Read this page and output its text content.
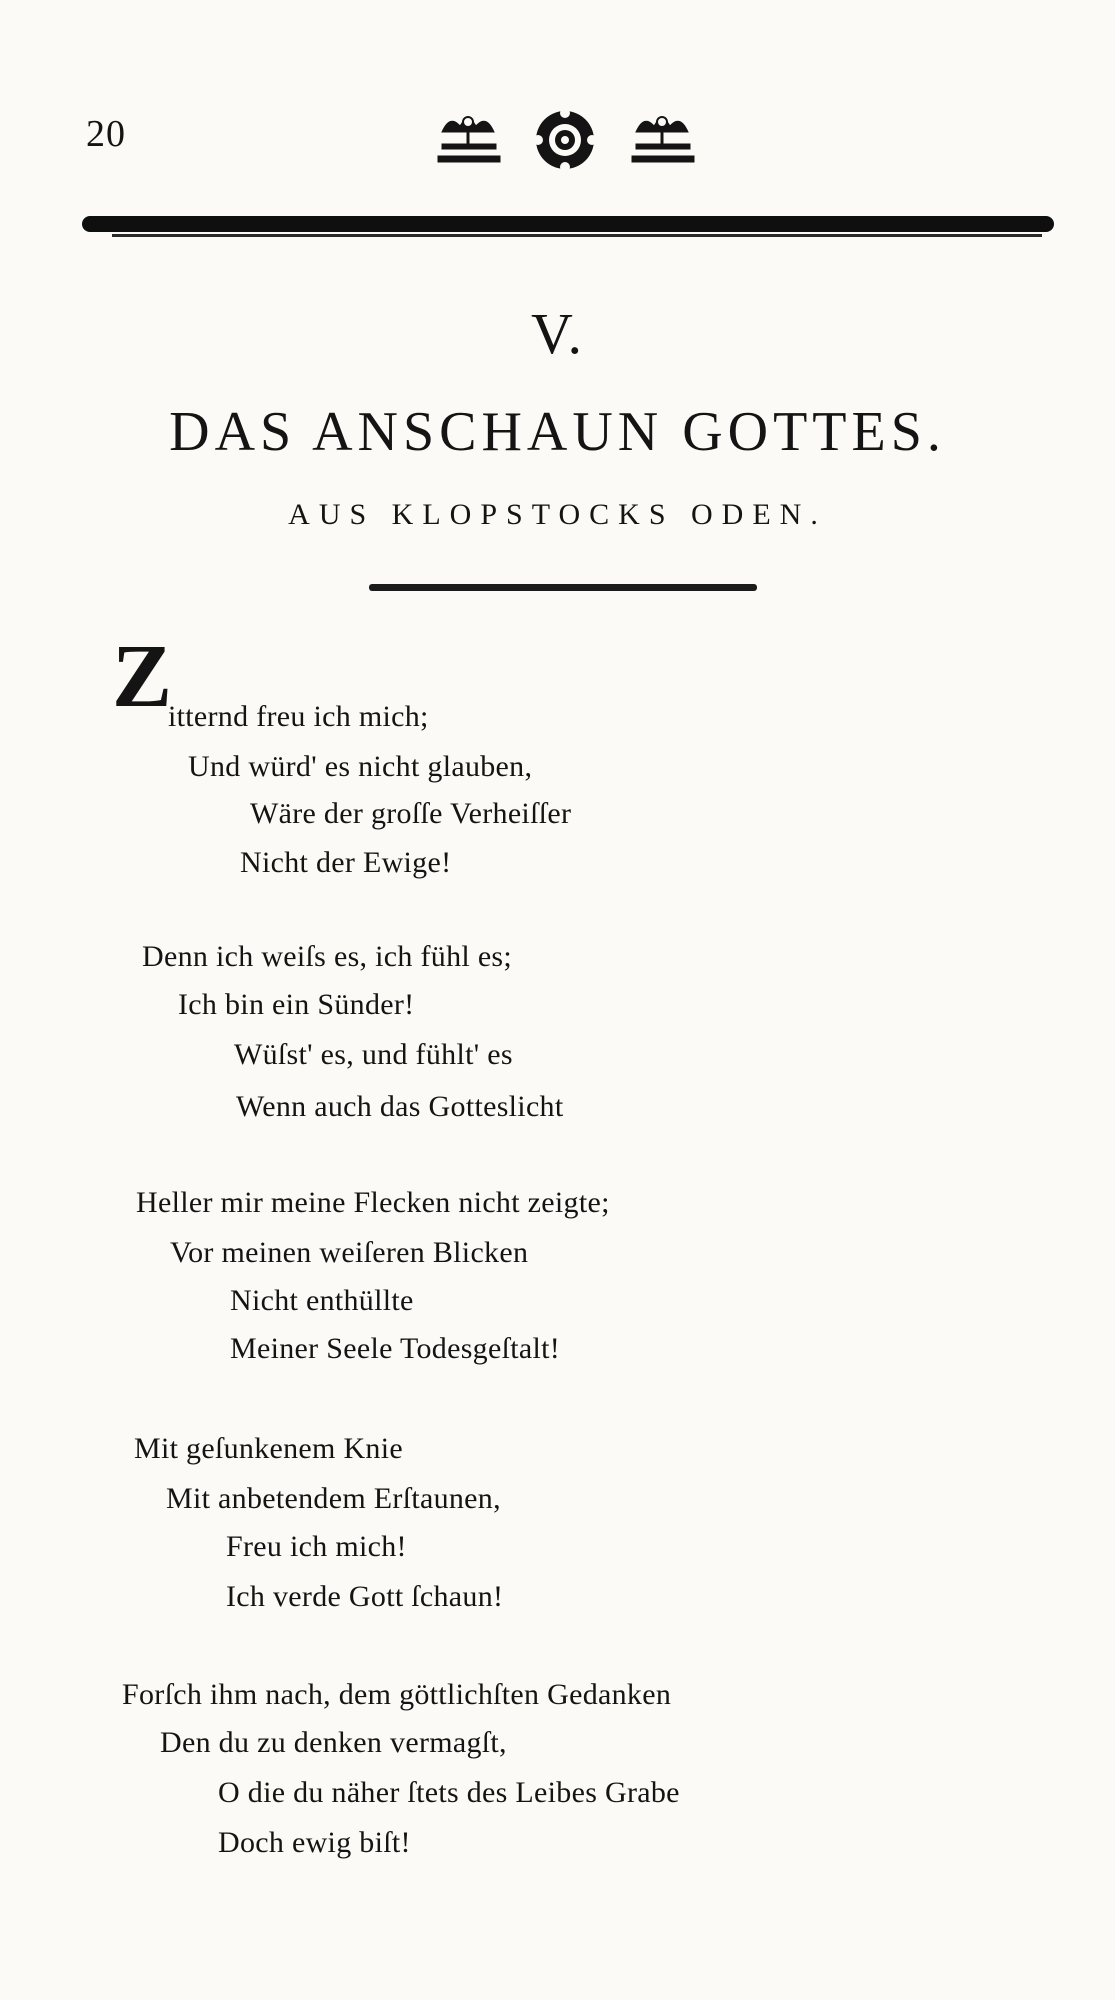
20
V.
DAS ANSCHAUN GOTTES.
AUS KLOPSTOCKS ODEN.
Z
itternd freu ich mich;
Und würd' es nicht glauben,
Wäre der groſſe Verheiſſer
Nicht der Ewige!
Denn ich weiſs es, ich fühl es;
Ich bin ein Sünder!
Wüſst' es, und fühlt' es
Wenn auch das Gotteslicht
Heller mir meine Flecken nicht zeigte;
Vor meinen weiſeren Blicken
Nicht enthüllte
Meiner Seele Todesgeſtalt!
Mit geſunkenem Knie
Mit anbetendem Erſtaunen,
Freu ich mich!
Ich verde Gott ſchaun!
Forſch ihm nach, dem göttlichſten Gedanken
Den du zu denken vermagſt,
O die du näher ſtets des Leibes Grabe
Doch ewig biſt!
